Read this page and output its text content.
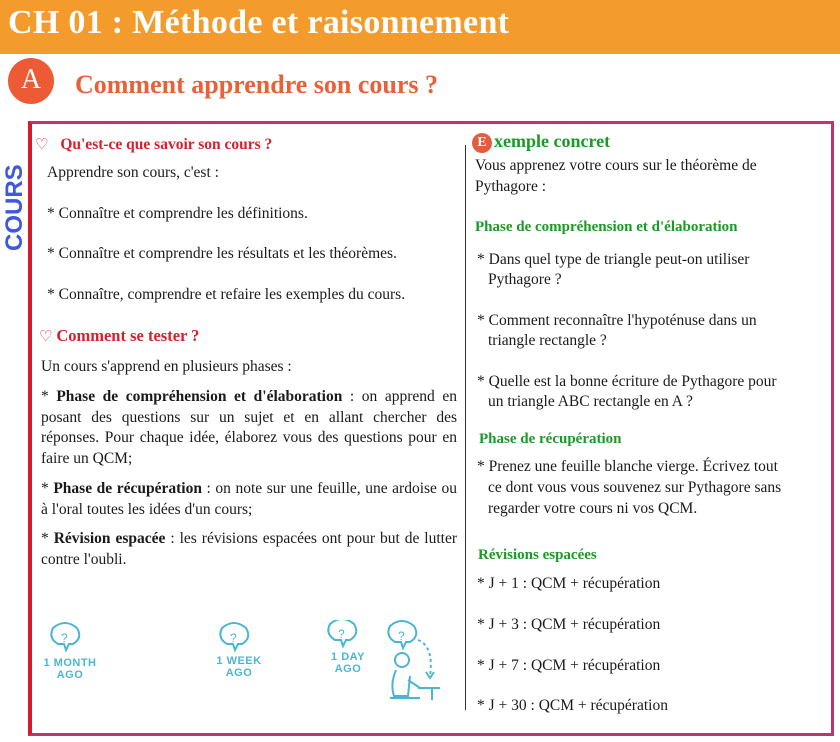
CH 01 : Méthode et raisonnement
A	Comment apprendre son cours ?
COURS
♡ Qu'est-ce que savoir son cours ?
Apprendre son cours, c'est :
* Connaître et comprendre les définitions.
* Connaître et comprendre les résultats et les théorèmes.
* Connaître, comprendre et refaire les exemples du cours.
♡ Comment se tester ?
Un cours s'apprend en plusieurs phases :
* Phase de compréhension et d'élaboration : on apprend en posant des questions sur un sujet et en allant chercher des réponses. Pour chaque idée, élaborez vous des questions pour en faire un QCM;
* Phase de récupération : on note sur une feuille, une ardoise ou à l'oral toutes les idées d'un cours;
* Révision espacée : les révisions espacées ont pour but de lutter contre l'oubli.
?	?	?	?
1 MONTH
AGO
1 WEEK
AGO
1 DAY
AGO
E xemple concret
Vous apprenez votre cours sur le théorème de
Pythagore :
Phase de compréhension et d'élaboration
* Dans quel type de triangle peut-on utiliser
Pythagore ?
* Comment reconnaître l'hypoténuse dans un
triangle rectangle ?
* Quelle est la bonne écriture de Pythagore pour
un triangle ABC rectangle en A ?
Phase de récupération
* Prenez une feuille blanche vierge. Écrivez tout
ce dont vous vous souvenez sur Pythagore sans
regarder votre cours ni vos QCM.
Révisions espacées
* J + 1 : QCM + récupération
* J + 3 : QCM + récupération
* J + 7 : QCM + récupération
* J + 30 : QCM + récupération
